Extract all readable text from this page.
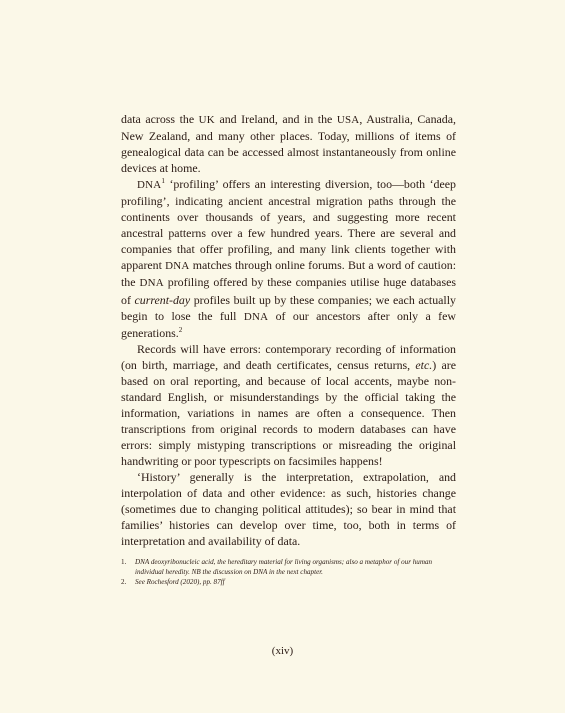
data across the UK and Ireland, and in the USA, Australia, Canada, New Zealand, and many other places. Today, millions of items of genealogical data can be accessed almost instantaneously from online devices at home.

DNA$^1$ ‘profiling’ offers an interesting diversion, too—both ‘deep profiling’, indicating ancient ancestral migration paths through the continents over thousands of years, and suggesting more recent ancestral patterns over a few hundred years. There are several and companies that offer profiling, and many link clients together with apparent DNA matches through online forums. But a word of caution: the DNA profiling offered by these companies utilise huge databases of current-day profiles built up by these companies; we each actually begin to lose the full DNA of our ancestors after only a few generations.$^2$

Records will have errors: contemporary recording of information (on birth, marriage, and death certificates, census returns, etc.) are based on oral reporting, and because of local accents, maybe non-standard English, or misunderstandings by the official taking the information, variations in names are often a consequence. Then transcriptions from original records to modern databases can have errors: simply mistyping transcriptions or misreading the original handwriting or poor typescripts on facsimiles happens!

‘History’ generally is the interpretation, extrapolation, and interpolation of data and other evidence: as such, histories change (sometimes due to changing political attitudes); so bear in mind that families’ histories can develop over time, too, both in terms of interpretation and availability of data.

1. DNA deoxyribonucleic acid, the hereditary material for living organisms; also a metaphor of our human individual heredity. NB the discussion on DNA in the next chapter.
2. See Rochesford (2020), pp. 87ff
(xiv)
